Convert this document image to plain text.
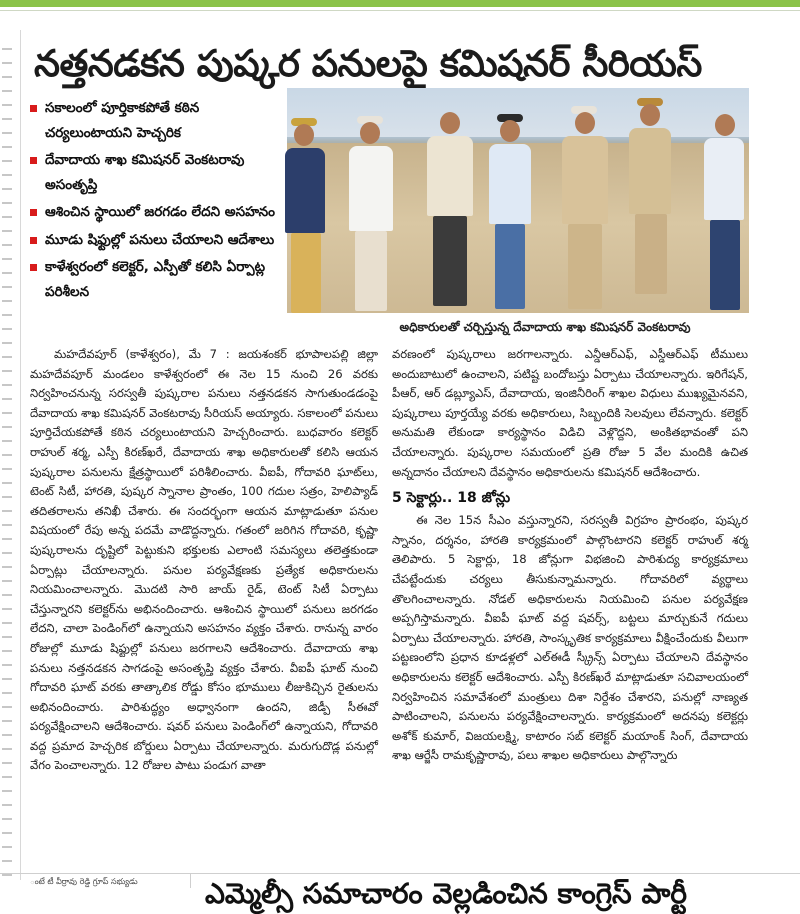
నత్తనడకన పుష్కర పనులపై కమిషనర్ సీరియస్
సకాలంలో పూర్తికాకపోతే కఠిన చర్యలుంటాయని హెచ్చరిక
దేవాదాయ శాఖ కమిషనర్ వెంకటరావు అసంతృప్తి
ఆశించిన స్థాయిలో జరగడం లేదని అసహనం
మూడు షిఫ్టుల్లో పనులు చేయాలని ఆదేశాలు
కాళేశ్వరంలో కలెక్టర్, ఎస్పీతో కలిసి ఏర్పాట్ల పరిశీలన
అధికారులతో చర్చిస్తున్న దేవాదాయ శాఖ కమిషనర్ వెంకటరావు

మహదేవపూర్ (కాళేశ్వరం), మే 7 : జయశంకర్ భూపాలపల్లి జిల్లా మహదేవపూర్ మండలం కాళేశ్వరంలో ఈ నెల 15 నుంచి 26 వరకు నిర్వహించనున్న సరస్వతీ పుష్కరాల పనులు నత్తనడకన సాగుతుండడంపై దేవాదాయ శాఖ కమిషనర్ వెంకటరావు సీరియస్ అయ్యారు. సకాలంలో పనులు పూర్తిచేయకపోతే కఠిన చర్యలుంటాయని హెచ్చరించారు. బుధవారం కలెక్టర్ రాహుల్ శర్మ, ఎస్పీ కిరణ్‌ఖరే, దేవాదాయ శాఖ అధికారులతో కలిసి ఆయన పుష్కరాల పనులను క్షేత్రస్థాయిలో పరిశీలించారు. వీఐపీ, గోదావరి ఘాట్‌లు, టెంట్ సిటీ, హారతి, పుష్కర స్నానాల ప్రాంతం, 100 గదుల సత్రం, హెలిప్యాడ్ తదితరాలను తనిఖీ చేశారు. ఈ సందర్భంగా ఆయన మాట్లాడుతూ పనుల విషయంలో రేపు అన్న పదమే వాడొద్దన్నారు. గతంలో జరిగిన గోదావరి, కృష్ణా పుష్కరాలను దృష్టిలో పెట్టుకుని భక్తులకు ఎలాంటి సమస్యలు తలెత్తకుండా ఏర్పాట్లు చేయాలన్నారు. పనుల పర్యవేక్షణకు ప్రత్యేక అధికారులను నియమించాలన్నారు. మొదటి సారి జాయ్ రైడ్, టెంట్ సిటీ ఏర్పాటు చేస్తున్నారని కలెక్టర్‌ను అభినందించారు. ఆశించిన స్థాయిలో పనులు జరగడం లేదని, చాలా పెండింగ్‌లో ఉన్నాయని అసహనం వ్యక్తం చేశారు. రానున్న వారం రోజుల్లో మూడు షిఫ్టుల్లో పనులు జరగాలని ఆదేశించారు. దేవాదాయ శాఖ పనులు నత్తనడకన సాగడంపై అసంతృప్తి వ్యక్తం చేశారు. వీఐపీ ఘాట్ నుంచి గోదావరి ఘాట్ వరకు తాత్కాలిక రోడ్డు కోసం భూములు లీజుకిచ్చిన రైతులను అభినందించారు. పారిశుద్ధ్యం అధ్వానంగా ఉందని, జిడ్పీ సీఈవో పర్యవేక్షించాలని ఆదేశించారు. షవర్ పనులు పెండింగ్‌లో ఉన్నాయని, గోదావరి వద్ద ప్రమాద హెచ్చరిక బోర్డులు ఏర్పాటు చేయాలన్నారు. మరుగుదొడ్ల పనుల్లో వేగం పెంచాలన్నారు. 12 రోజుల పాటు పండుగ వాతా

వరణంలో పుష్కరాలు జరగాలన్నారు. ఎన్డీఆర్ఎఫ్, ఎస్డీఆర్ఎఫ్ టీములు అందుబాటులో ఉంచాలని, పటిష్ట బందోబస్తు ఏర్పాటు చేయాలన్నారు. ఇరిగేషన్, పీఆర్, ఆర్ డబ్ల్యూఎస్, దేవాదాయ, ఇంజినీరింగ్ శాఖల విధులు ముఖ్యమైనవని, పుష్కరాలు పూర్తయ్యే వరకు అధికారులు, సిబ్బందికి సెలవులు లేవన్నారు. కలెక్టర్ అనుమతి లేకుండా కార్యస్థానం విడిచి వెళ్లొద్దని, అంకితభావంతో పని చేయాలన్నారు. పుష్కరాల సమయంలో ప్రతి రోజు 5 వేల మందికి ఉచిత అన్నదానం చేయాలని దేవస్థానం అధికారులను కమిషనర్ ఆదేశించారు.

5 సెక్టార్లు.. 18 జోన్లు

ఈ నెల 15న సీఎం వస్తున్నారని, సరస్వతీ విగ్రహం ప్రారంభం, పుష్కర స్నానం, దర్శనం, హారతి కార్యక్రమంలో పాల్గొంటారని కలెక్టర్ రాహుల్ శర్మ తెలిపారు. 5 సెక్టార్లు, 18 జోన్లుగా విభజించి పారిశుద్య కార్యక్రమాలు చేపట్టేందుకు చర్యలు తీసుకున్నామన్నారు. గోదావరిలో వ్యర్థాలు తొలగించాలన్నారు. నోడల్ అధికారులను నియమించి పనుల పర్యవేక్షణ అప్పగిస్తామన్నారు. వీఐపీ ఘాట్ వద్ద షవర్స్, బట్టలు మార్చుకునే గదులు ఏర్పాటు చేయాలన్నారు. హారతి, సాంస్కృతిక కార్యక్రమాలు వీక్షించేందుకు వీలుగా పట్టణంలోని ప్రధాన కూడళ్లలో ఎల్ఈడీ స్క్రీన్స్ ఏర్పాటు చేయాలని దేవస్థానం అధికారులను కలెక్టర్ ఆదేశించారు. ఎస్పీ కిరణ్‌ఖరే మాట్లాడుతూ సచివాలయంలో నిర్వహించిన సమావేశంలో మంత్రులు దిశా నిర్దేశం చేశారని, పనుల్లో నాణ్యత పాటించాలని, పనులను పర్యవేక్షించాలన్నారు. కార్యక్రమంలో అదనపు కలెక్టర్లు అశోక్ కుమార్, విజయలక్ష్మి, కాటారం సబ్ కలెక్టర్ మయాంక్ సింగ్, దేవాదాయ శాఖ ఆర్జేసీ రామకృష్ణారావు, పలు శాఖల అధికారులు పాల్గొన్నారు

ంటే టీ వీర్రావు రెడ్డి గ్రూప్ సభ్యుడు	ఎమ్మెల్సీ సమాచారం వెల్లడించిన కాంగ్రెస్ పార్టీ
